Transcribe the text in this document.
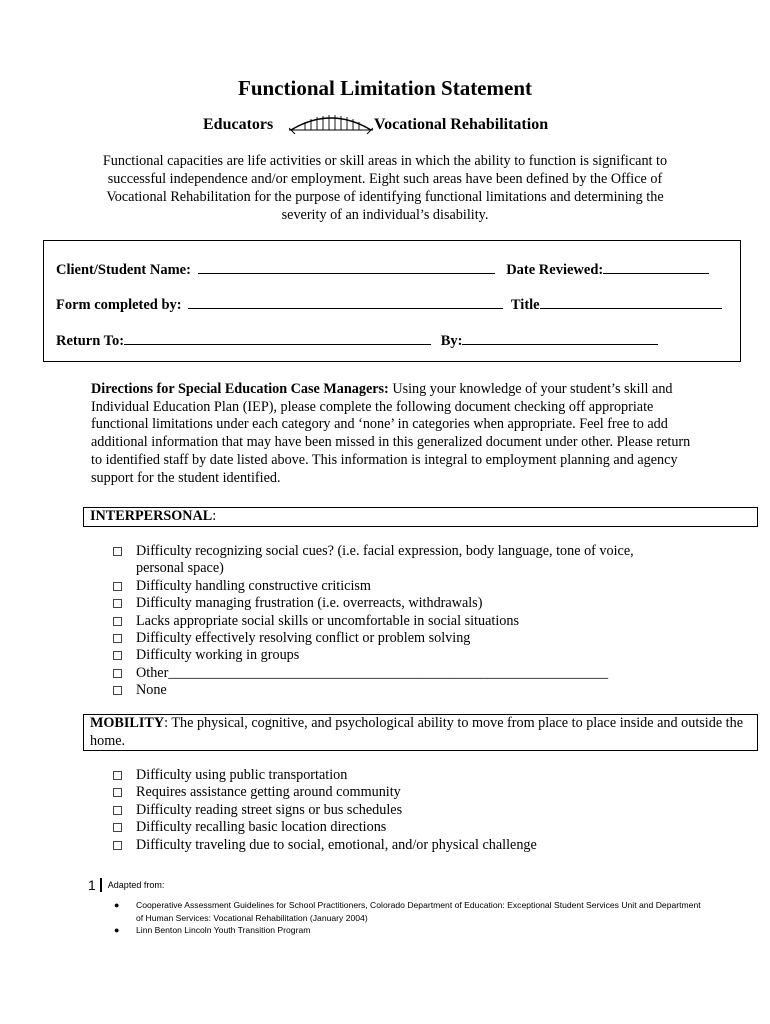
Functional Limitation Statement
Educators	Vocational Rehabilitation
Functional capacities are life activities or skill areas in which the ability to function is significant to successful independence and/or employment. Eight such areas have been defined by the Office of Vocational Rehabilitation for the purpose of identifying functional limitations and determining the severity of an individual’s disability.
Client/Student Name:	Date Reviewed:
Form completed by:	Title
Return To:	By:
Directions for Special Education Case Managers: Using your knowledge of your student’s skill and Individual Education Plan (IEP), please complete the following document checking off appropriate functional limitations under each category and ‘none’ in categories when appropriate. Feel free to add additional information that may have been missed in this generalized document under other. Please return to identified staff by date listed above. This information is integral to employment planning and agency support for the student identified.
INTERPERSONAL:
Difficulty recognizing social cues? (i.e. facial expression, body language, tone of voice, personal space)
Difficulty handling constructive criticism
Difficulty managing frustration (i.e. overreacts, withdrawals)
Lacks appropriate social skills or uncomfortable in social situations
Difficulty effectively resolving conflict or problem solving
Difficulty working in groups
Other______________________________________________________________
None
MOBILITY: The physical, cognitive, and psychological ability to move from place to place inside and outside the home.
Difficulty using public transportation
Requires assistance getting around community
Difficulty reading street signs or bus schedules
Difficulty recalling basic location directions
Difficulty traveling due to social, emotional, and/or physical challenge
1 Adapted from:
● Cooperative Assessment Guidelines for School Practitioners, Colorado Department of Education: Exceptional Student Services Unit and Department of Human Services: Vocational Rehabilitation (January 2004)
● Linn Benton Lincoln Youth Transition Program
